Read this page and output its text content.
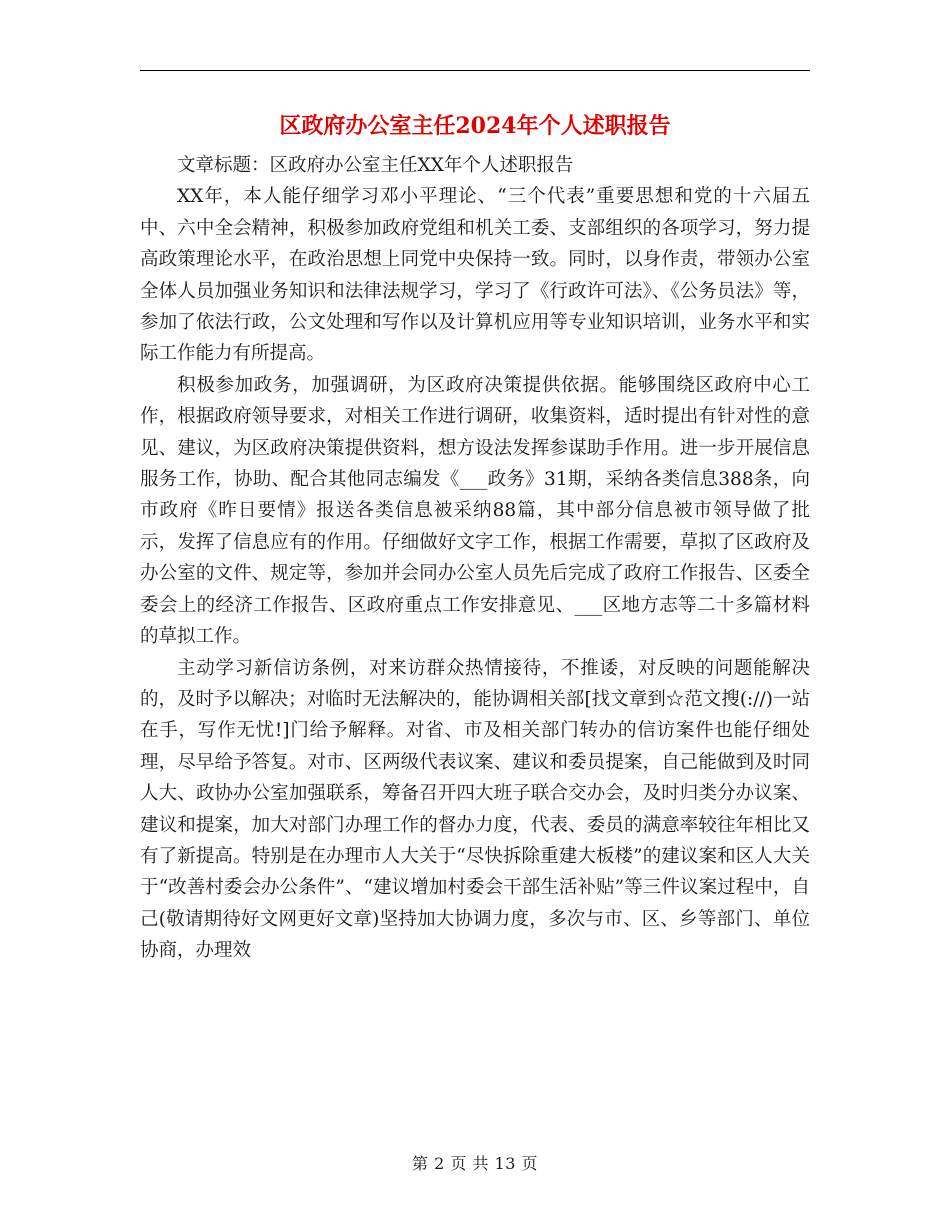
区政府办公室主任2024年个人述职报告

文章标题：区政府办公室主任XX年个人述职报告

XX年，本人能仔细学习邓小平理论、“三个代表”重要思想和党的十六届五中、六中全会精神，积极参加政府党组和机关工委、支部组织的各项学习，努力提高政策理论水平，在政治思想上同党中央保持一致。同时，以身作责，带领办公室全体人员加强业务知识和法律法规学习，学习了《行政许可法》、《公务员法》等，参加了依法行政，公文处理和写作以及计算机应用等专业知识培训，业务水平和实际工作能力有所提高。

积极参加政务，加强调研，为区政府决策提供依据。能够围绕区政府中心工作，根据政府领导要求，对相关工作进行调研，收集资料，适时提出有针对性的意见、建议，为区政府决策提供资料，想方设法发挥参谋助手作用。进一步开展信息服务工作，协助、配合其他同志编发《___政务》31期，采纳各类信息388条，向市政府《昨日要情》报送各类信息被采纳88篇，其中部分信息被市领导做了批示，发挥了信息应有的作用。仔细做好文字工作，根据工作需要，草拟了区政府及办公室的文件、规定等，参加并会同办公室人员先后完成了政府工作报告、区委全委会上的经济工作报告、区政府重点工作安排意见、___区地方志等二十多篇材料的草拟工作。

主动学习新信访条例，对来访群众热情接待，不推诿，对反映的问题能解决的，及时予以解决；对临时无法解决的，能协调相关部[找文章到☆范文搜(://)一站在手，写作无忧!]门给予解释。对省、市及相关部门转办的信访案件也能仔细处理，尽早给予答复。对市、区两级代表议案、建议和委员提案，自己能做到及时同人大、政协办公室加强联系，筹备召开四大班子联合交办会，及时归类分办议案、建议和提案，加大对部门办理工作的督办力度，代表、委员的满意率较往年相比又有了新提高。特别是在办理市人大关于“尽快拆除重建大板楼”的建议案和区人大关于“改善村委会办公条件”、“建议增加村委会干部生活补贴”等三件议案过程中，自己(敬请期待好文网更好文章)坚持加大协调力度，多次与市、区、乡等部门、单位协商，办理效

第 2 页 共 13 页
